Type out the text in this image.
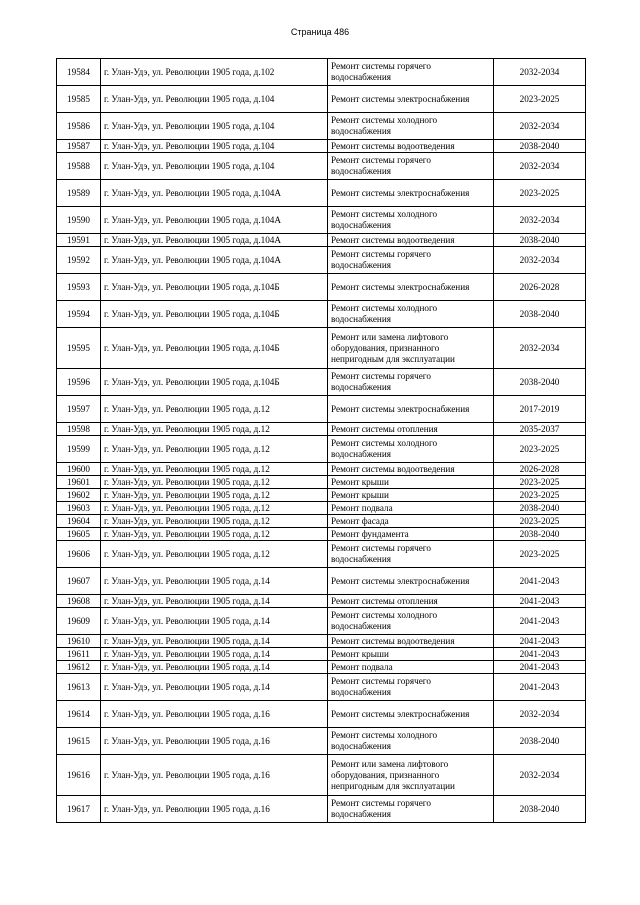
Страница 486
19584	г. Улан-Удэ, ул. Революции 1905 года, д.102	Ремонт системы горячего водоснабжения	2032-2034
19585	г. Улан-Удэ, ул. Революции 1905 года, д.104	Ремонт системы электроснабжения	2023-2025
19586	г. Улан-Удэ, ул. Революции 1905 года, д.104	Ремонт системы холодного водоснабжения	2032-2034
19587	г. Улан-Удэ, ул. Революции 1905 года, д.104	Ремонт системы водоотведения	2038-2040
19588	г. Улан-Удэ, ул. Революции 1905 года, д.104	Ремонт системы горячего водоснабжения	2032-2034
19589	г. Улан-Удэ, ул. Революции 1905 года, д.104А	Ремонт системы электроснабжения	2023-2025
19590	г. Улан-Удэ, ул. Революции 1905 года, д.104А	Ремонт системы холодного водоснабжения	2032-2034
19591	г. Улан-Удэ, ул. Революции 1905 года, д.104А	Ремонт системы водоотведения	2038-2040
19592	г. Улан-Удэ, ул. Революции 1905 года, д.104А	Ремонт системы горячего водоснабжения	2032-2034
19593	г. Улан-Удэ, ул. Революции 1905 года, д.104Б	Ремонт системы электроснабжения	2026-2028
19594	г. Улан-Удэ, ул. Революции 1905 года, д.104Б	Ремонт системы холодного водоснабжения	2038-2040
19595	г. Улан-Удэ, ул. Революции 1905 года, д.104Б	Ремонт или замена лифтового оборудования, признанного непригодным для эксплуатации	2032-2034
19596	г. Улан-Удэ, ул. Революции 1905 года, д.104Б	Ремонт системы горячего водоснабжения	2038-2040
19597	г. Улан-Удэ, ул. Революции 1905 года, д.12	Ремонт системы электроснабжения	2017-2019
19598	г. Улан-Удэ, ул. Революции 1905 года, д.12	Ремонт системы отопления	2035-2037
19599	г. Улан-Удэ, ул. Революции 1905 года, д.12	Ремонт системы холодного водоснабжения	2023-2025
19600	г. Улан-Удэ, ул. Революции 1905 года, д.12	Ремонт системы водоотведения	2026-2028
19601	г. Улан-Удэ, ул. Революции 1905 года, д.12	Ремонт крыши	2023-2025
19602	г. Улан-Удэ, ул. Революции 1905 года, д.12	Ремонт крыши	2023-2025
19603	г. Улан-Удэ, ул. Революции 1905 года, д.12	Ремонт подвала	2038-2040
19604	г. Улан-Удэ, ул. Революции 1905 года, д.12	Ремонт фасада	2023-2025
19605	г. Улан-Удэ, ул. Революции 1905 года, д.12	Ремонт фундамента	2038-2040
19606	г. Улан-Удэ, ул. Революции 1905 года, д.12	Ремонт системы горячего водоснабжения	2023-2025
19607	г. Улан-Удэ, ул. Революции 1905 года, д.14	Ремонт системы электроснабжения	2041-2043
19608	г. Улан-Удэ, ул. Революции 1905 года, д.14	Ремонт системы отопления	2041-2043
19609	г. Улан-Удэ, ул. Революции 1905 года, д.14	Ремонт системы холодного водоснабжения	2041-2043
19610	г. Улан-Удэ, ул. Революции 1905 года, д.14	Ремонт системы водоотведения	2041-2043
19611	г. Улан-Удэ, ул. Революции 1905 года, д.14	Ремонт крыши	2041-2043
19612	г. Улан-Удэ, ул. Революции 1905 года, д.14	Ремонт подвала	2041-2043
19613	г. Улан-Удэ, ул. Революции 1905 года, д.14	Ремонт системы горячего водоснабжения	2041-2043
19614	г. Улан-Удэ, ул. Революции 1905 года, д.16	Ремонт системы электроснабжения	2032-2034
19615	г. Улан-Удэ, ул. Революции 1905 года, д.16	Ремонт системы холодного водоснабжения	2038-2040
19616	г. Улан-Удэ, ул. Революции 1905 года, д.16	Ремонт или замена лифтового оборудования, признанного непригодным для эксплуатации	2032-2034
19617	г. Улан-Удэ, ул. Революции 1905 года, д.16	Ремонт системы горячего водоснабжения	2038-2040
